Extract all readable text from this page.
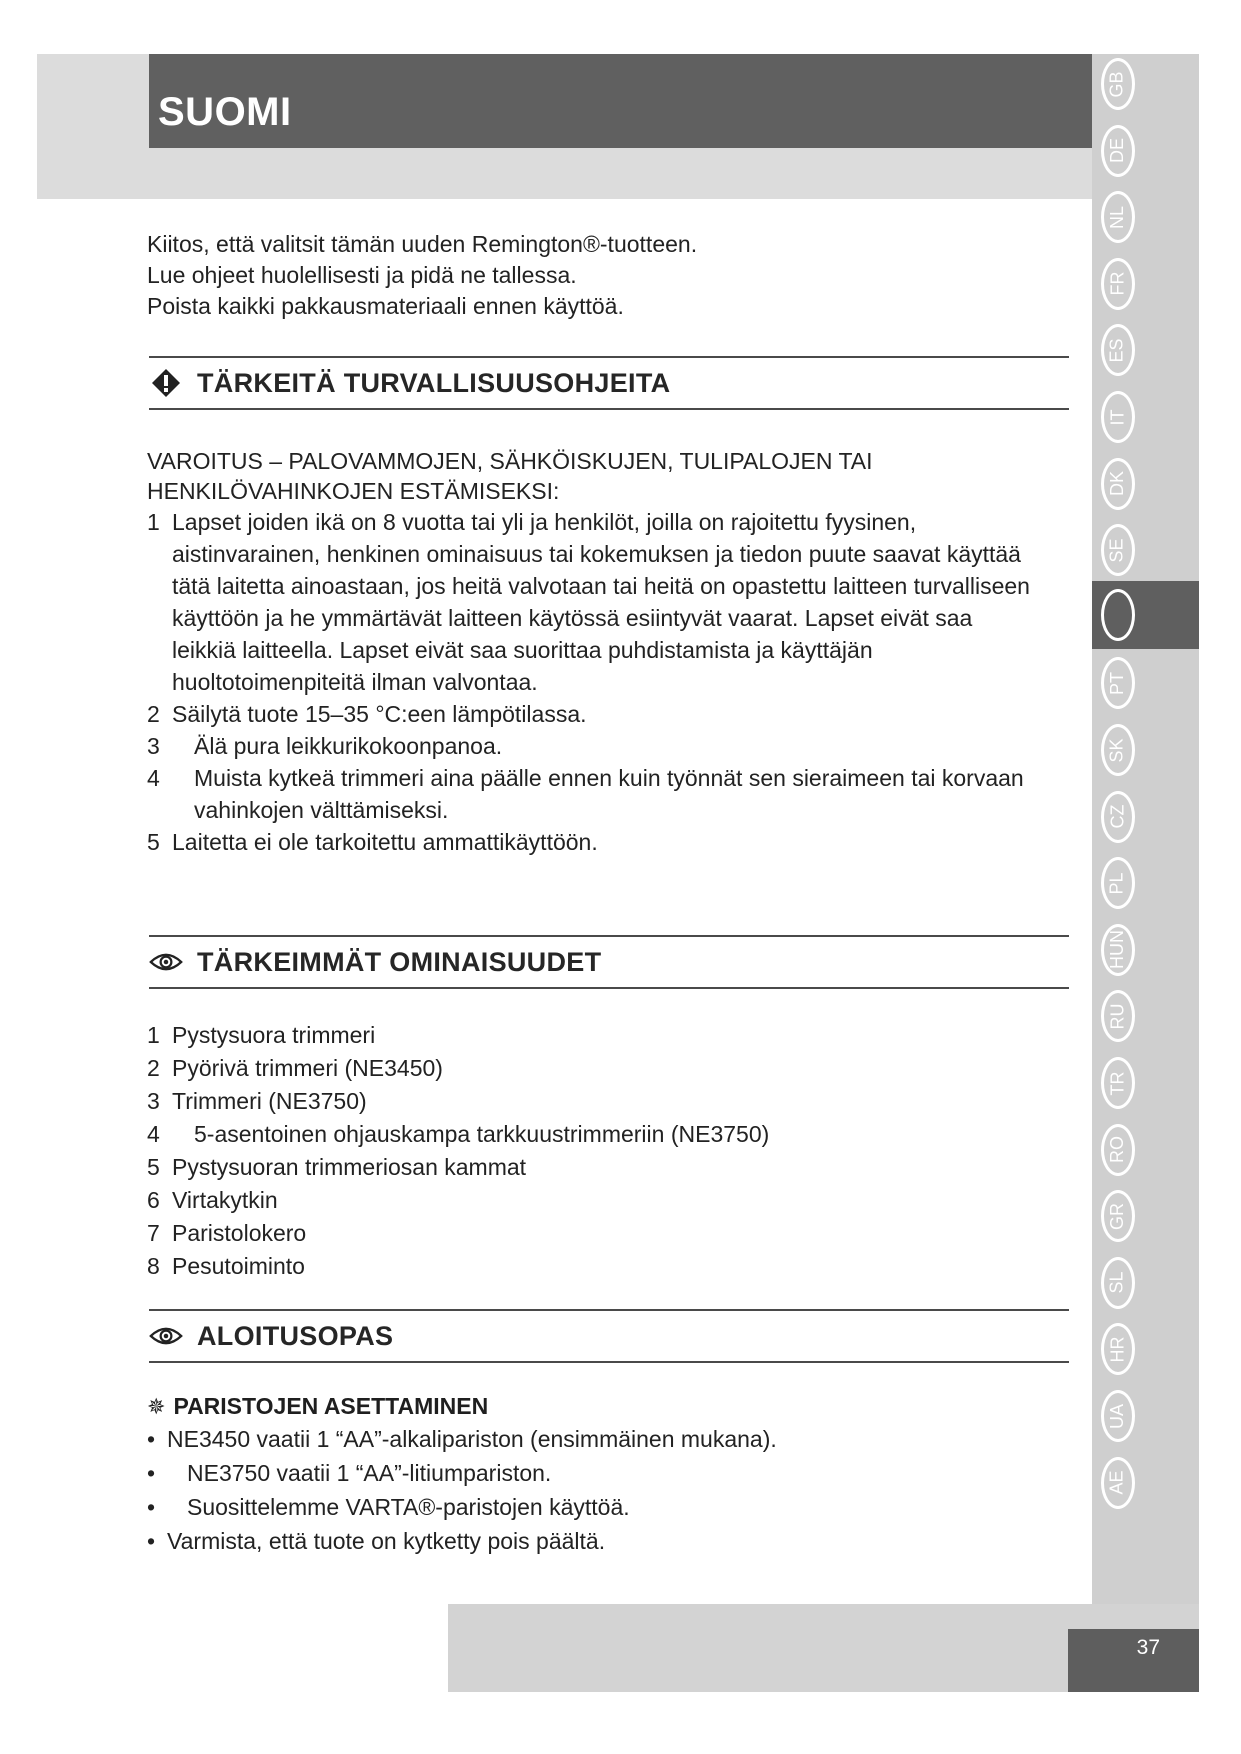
SUOMI
37
GB
DE
NL
FR
ES
IT
DK
SE
PT
SK
CZ
PL
HUN
RU
TR
RO
GR
SL
HR
UA
AE
Kiitos, että valitsit tämän uuden Remington®-tuotteen.
Lue ohjeet huolellisesti ja pidä ne tallessa.
Poista kaikki pakkausmateriaali ennen käyttöä.
TÄRKEITÄ TURVALLISUUSOHJEITA
VAROITUS – PALOVAMMOJEN, SÄHKÖISKUJEN, TULIPALOJEN TAI
HENKILÖVAHINKOJEN ESTÄMISEKSI:
1 Lapset joiden ikä on 8 vuotta tai yli ja henkilöt, joilla on rajoitettu fyysinen, aistinvarainen, henkinen ominaisuus tai kokemuksen ja tiedon puute saavat käyttää tätä laitetta ainoastaan, jos heitä valvotaan tai heitä on opastettu laitteen turvalliseen käyttöön ja he ymmärtävät laitteen käytössä esiintyvät vaarat. Lapset eivät saa leikkiä laitteella. Lapset eivät saa suorittaa puhdistamista ja käyttäjän huoltotoimenpiteitä ilman valvontaa.
2 Säilytä tuote 15–35 °C:een lämpötilassa.
3	Älä pura leikkurikokoonpanoa.
4	Muista kytkeä trimmeri aina päälle ennen kuin työnnät sen sieraimeen tai korvaan vahinkojen välttämiseksi.
5 Laitetta ei ole tarkoitettu ammattikäyttöön.
TÄRKEIMMÄT OMINAISUUDET
1 Pystysuora trimmeri
2 Pyörivä trimmeri (NE3450)
3 Trimmeri (NE3750)
4	5-asentoinen ohjauskampa tarkkuustrimmeriin (NE3750)
5 Pystysuoran trimmeriosan kammat
6 Virtakytkin
7 Paristolokero
8 Pesutoiminto
ALOITUSOPAS
✵ PARISTOJEN ASETTAMINEN
• NE3450 vaatii 1 “AA”-alkalipariston (ensimmäinen mukana).
•	NE3750 vaatii 1 “AA”-litiumpariston.
•	Suosittelemme VARTA®-paristojen käyttöä.
• Varmista, että tuote on kytketty pois päältä.
